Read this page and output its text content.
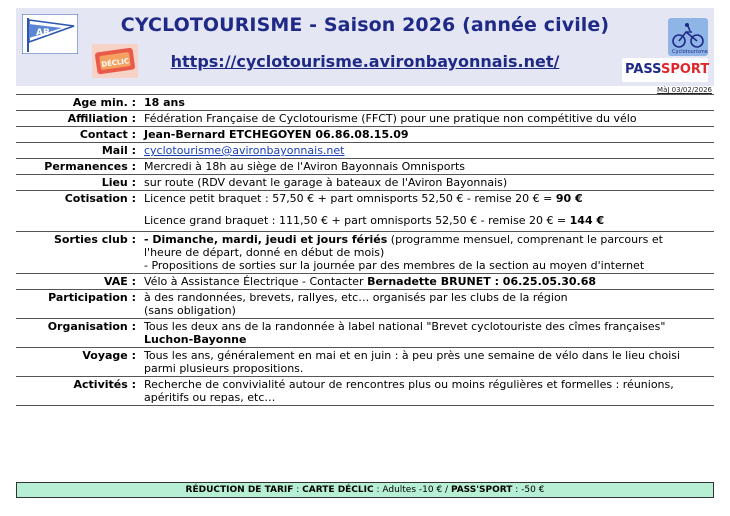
CYCLOTOURISME - Saison 2026 (année civile)
https://cyclotourisme.avironbayonnais.net/
AB
DÉCLIC
Cyclotourisme
PASSSPORT
MàJ 03/02/2026
Age min. : 18 ans
Affiliation : Fédération Française de Cyclotourisme (FFCT) pour une pratique non compétitive du vélo
Contact : Jean-Bernard ETCHEGOYEN 06.86.08.15.09
Mail : cyclotourisme@avironbayonnais.net
Permanences : Mercredi à 18h au siège de l'Aviron Bayonnais Omnisports
Lieu : sur route (RDV devant le garage à bateaux de l'Aviron Bayonnais)
Cotisation : Licence petit braquet : 57,50 € + part omnisports 52,50 € - remise 20 € = 90 €
Licence grand braquet : 111,50 € + part omnisports 52,50 € - remise 20 € = 144 €
Sorties club : - Dimanche, mardi, jeudi et jours fériés (programme mensuel, comprenant le parcours et
l'heure de départ, donné en début de mois)
- Propositions de sorties sur la journée par des membres de la section au moyen d'internet
VAE : Vélo à Assistance Électrique - Contacter Bernadette BRUNET : 06.25.05.30.68
Participation : à des randonnées, brevets, rallyes, etc… organisés par les clubs de la région
(sans obligation)
Organisation : Tous les deux ans de la randonnée à label national "Brevet cyclotouriste des cîmes françaises"
Luchon-Bayonne
Voyage : Tous les ans, généralement en mai et en juin : à peu près une semaine de vélo dans le lieu choisi
parmi plusieurs propositions.
Activités : Recherche de convivialité autour de rencontres plus ou moins régulières et formelles : réunions,
apéritifs ou repas, etc…
RÉDUCTION DE TARIF : CARTE DÉCLIC : Adultes -10 € / PASS'SPORT : -50 €
